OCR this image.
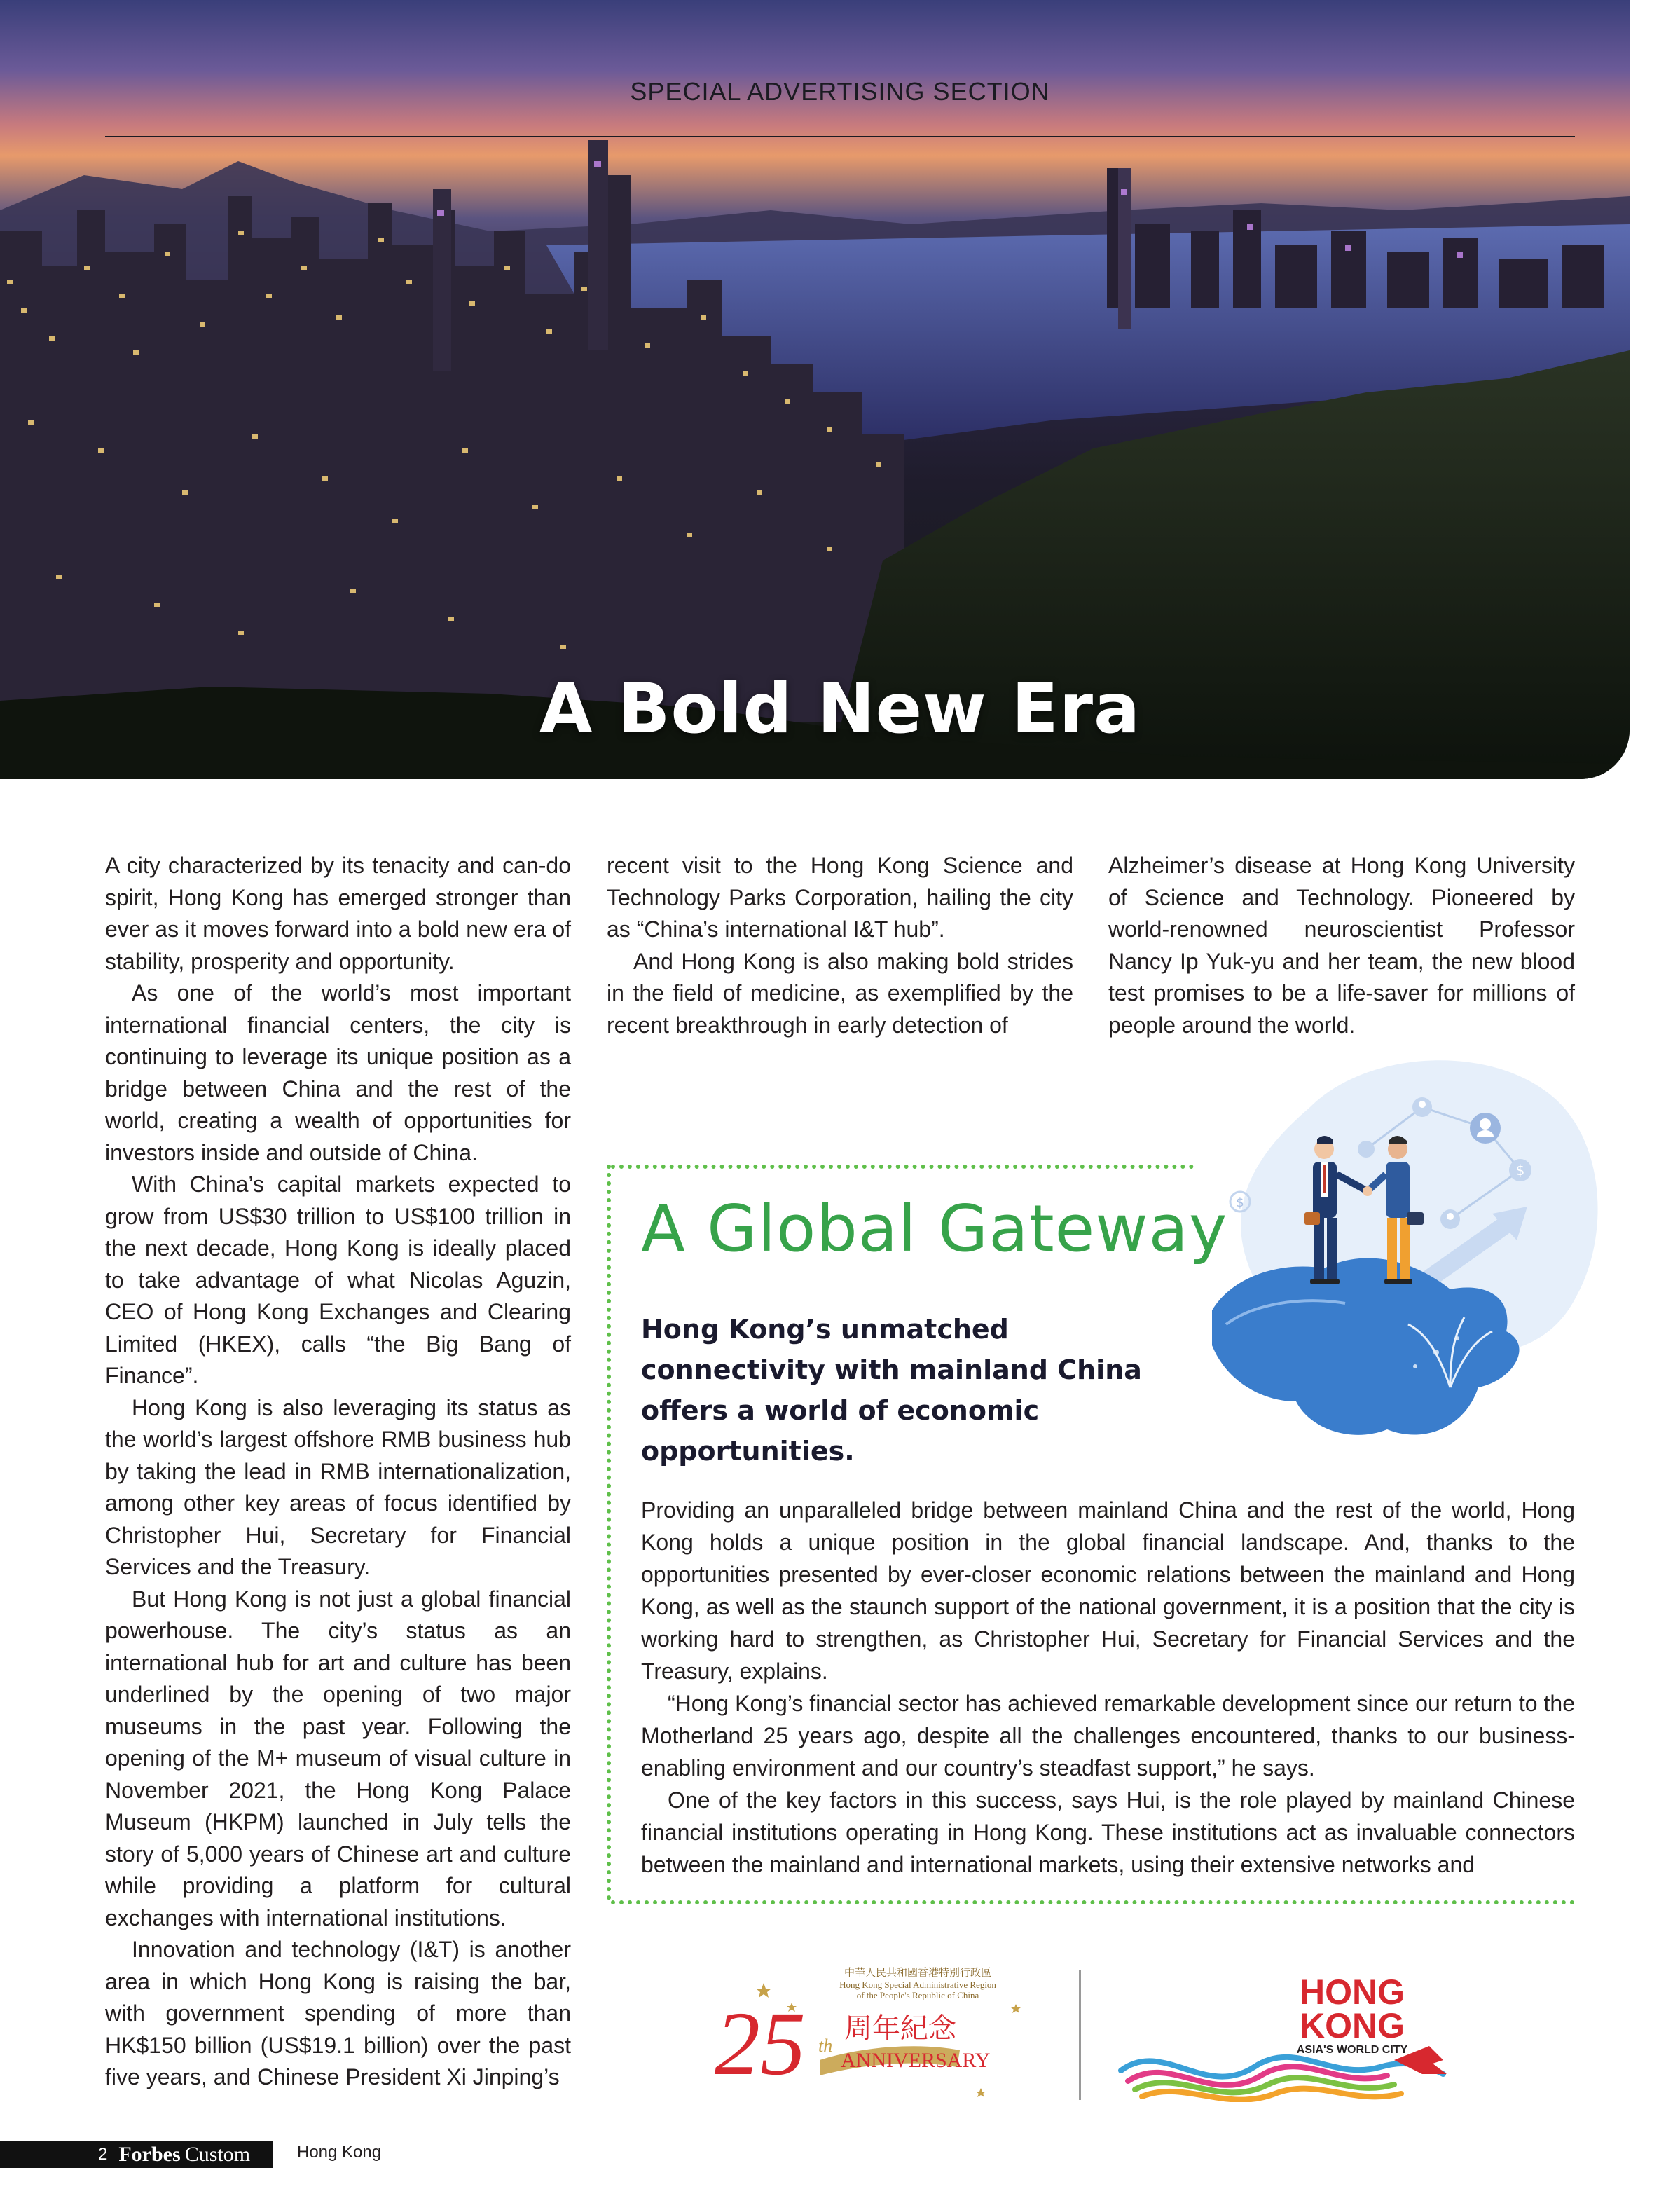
SPECIAL ADVERTISING SECTION
A Bold New Era

A city characterized by its tenacity and can-do spirit, Hong Kong has emerged stronger than ever as it moves forward into a bold new era of stability, prosperity and opportunity.

As one of the world’s most important international financial centers, the city is continuing to leverage its unique position as a bridge between China and the rest of the world, creating a wealth of opportunities for investors inside and outside of China.

With China’s capital markets expected to grow from US$30 trillion to US$100 trillion in the next decade, Hong Kong is ideally placed to take advantage of what Nicolas Aguzin, CEO of Hong Kong Exchanges and Clearing Limited (HKEX), calls “the Big Bang of Finance”.

Hong Kong is also leveraging its status as the world’s largest offshore RMB business hub by taking the lead in RMB internationalization, among other key areas of focus identified by Christopher Hui, Secretary for Financial Services and the Treasury.

But Hong Kong is not just a global financial powerhouse. The city’s status as an international hub for art and culture has been underlined by the opening of two major museums in the past year. Following the opening of the M+ museum of visual culture in November 2021, the Hong Kong Palace Museum (HKPM) launched in July tells the story of 5,000 years of Chinese art and culture while providing a platform for cultural exchanges with international institutions.

Innovation and technology (I&T) is another area in which Hong Kong is raising the bar, with government spending of more than HK$150 billion (US$19.1 billion) over the past five years, and Chinese President Xi Jinping’s

recent visit to the Hong Kong Science and Technology Parks Corporation, hailing the city as “China’s international I&T hub”.

And Hong Kong is also making bold strides in the field of medicine, as exemplified by the recent breakthrough in early detection of

Alzheimer’s disease at Hong Kong University of Science and Technology. Pioneered by world-renowned neuroscientist Professor Nancy Ip Yuk-yu and her team, the new blood test promises to be a life-saver for millions of people around the world.

$
$
A Global Gateway
Hong Kong’s unmatched connectivity with mainland China offers a world of economic opportunities.

Providing an unparalleled bridge between mainland China and the rest of the world, Hong Kong holds a unique position in the global financial landscape. And, thanks to the opportunities presented by ever-closer economic relations between the mainland and Hong Kong, as well as the staunch support of the national government, it is a position that the city is working hard to strengthen, as Christopher Hui, Secretary for Financial Services and the Treasury, explains.

“Hong Kong’s financial sector has achieved remarkable development since our return to the Motherland 25 years ago, despite all the challenges encountered, thanks to our business-enabling environment and our country’s steadfast support,” he says.

One of the key factors in this success, says Hui, is the role played by mainland Chinese financial institutions operating in Hong Kong. These institutions act as invaluable connectors between the mainland and international markets, using their extensive networks and

中華人民共和國香港特別行政區
Hong Kong Special Administrative Region
of the People's Republic of China
25 th
周年紀念
ANNIVERSARY
HONG
KONG
ASIA'S WORLD CITY
2 Forbes Custom	Hong Kong
